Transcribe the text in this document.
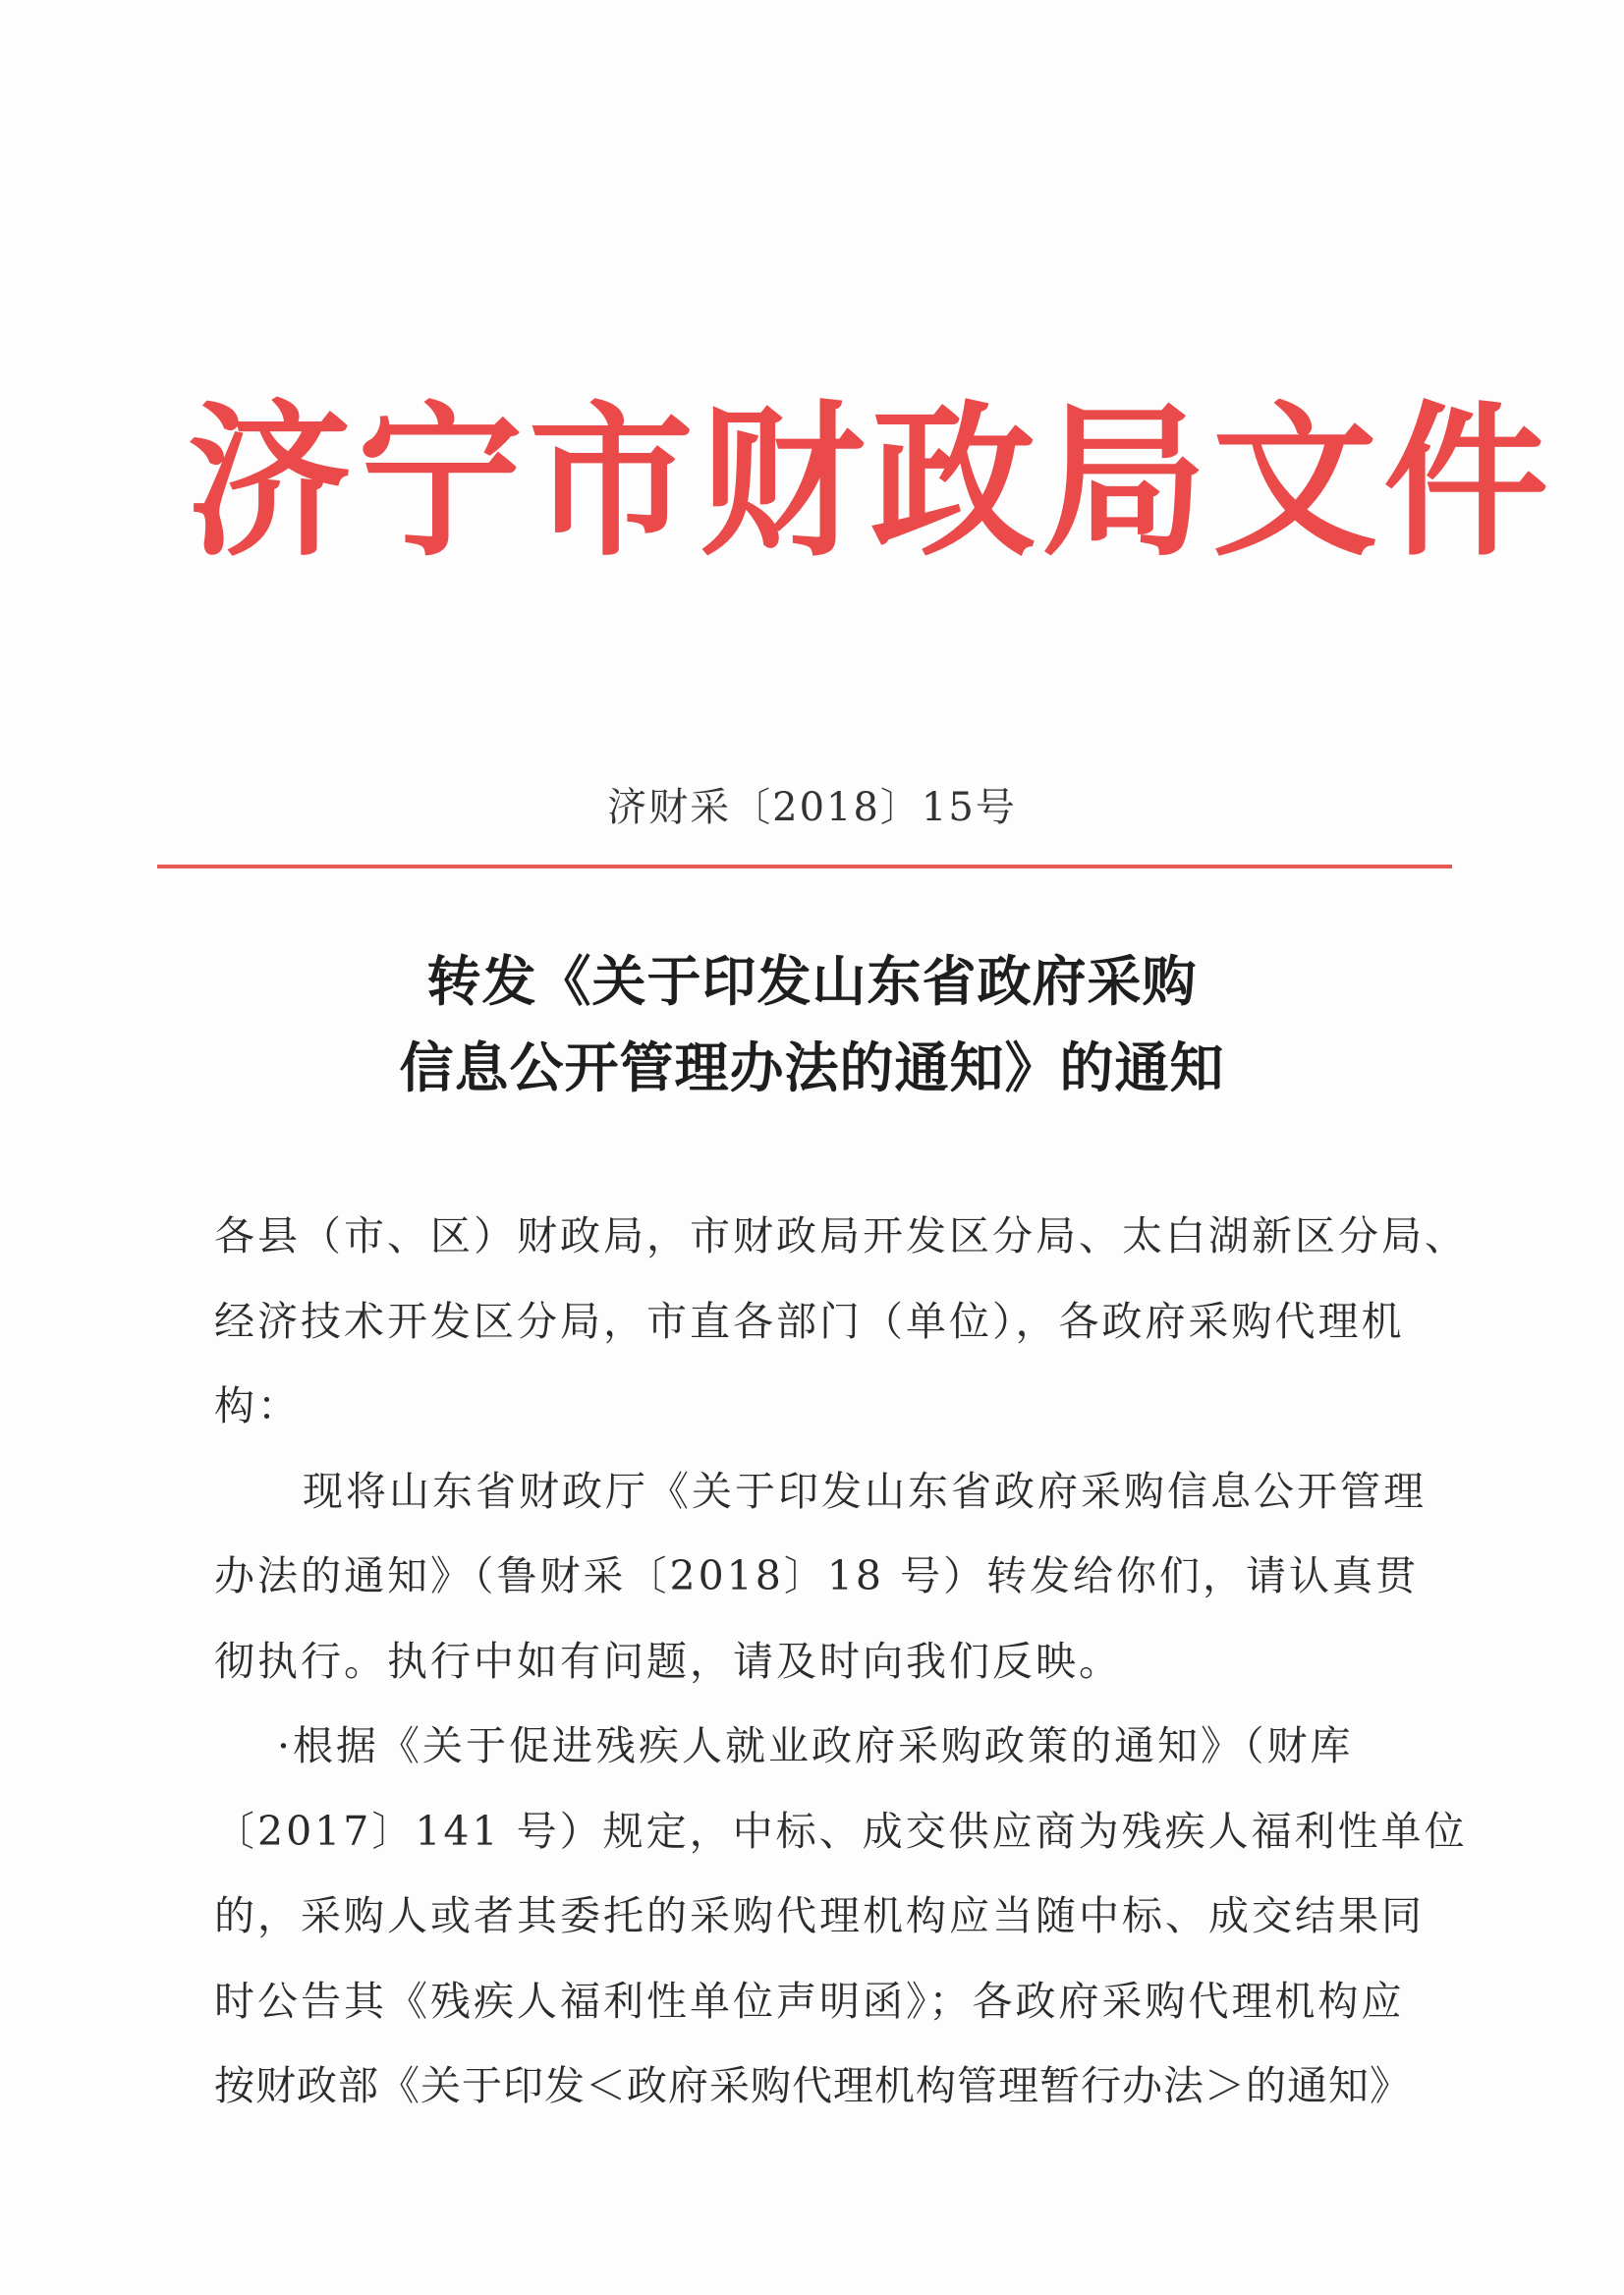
济宁市财政局文件
济财采〔2018〕15号
转发《关于印发山东省政府采购
信息公开管理办法的通知》的通知
各县（市、区）财政局，市财政局开发区分局、太白湖新区分局、
经济技术开发区分局，市直各部门（单位），各政府采购代理机
构：
现将山东省财政厅《关于印发山东省政府采购信息公开管理
办法的通知》（鲁财采〔2018〕18 号）转发给你们，请认真贯
彻执行。执行中如有问题，请及时向我们反映。
·根据《关于促进残疾人就业政府采购政策的通知》（财库
〔2017〕141 号）规定，中标、成交供应商为残疾人福利性单位
的，采购人或者其委托的采购代理机构应当随中标、成交结果同
时公告其《残疾人福利性单位声明函》；各政府采购代理机构应
按财政部《关于印发＜政府采购代理机构管理暂行办法＞的通知》
